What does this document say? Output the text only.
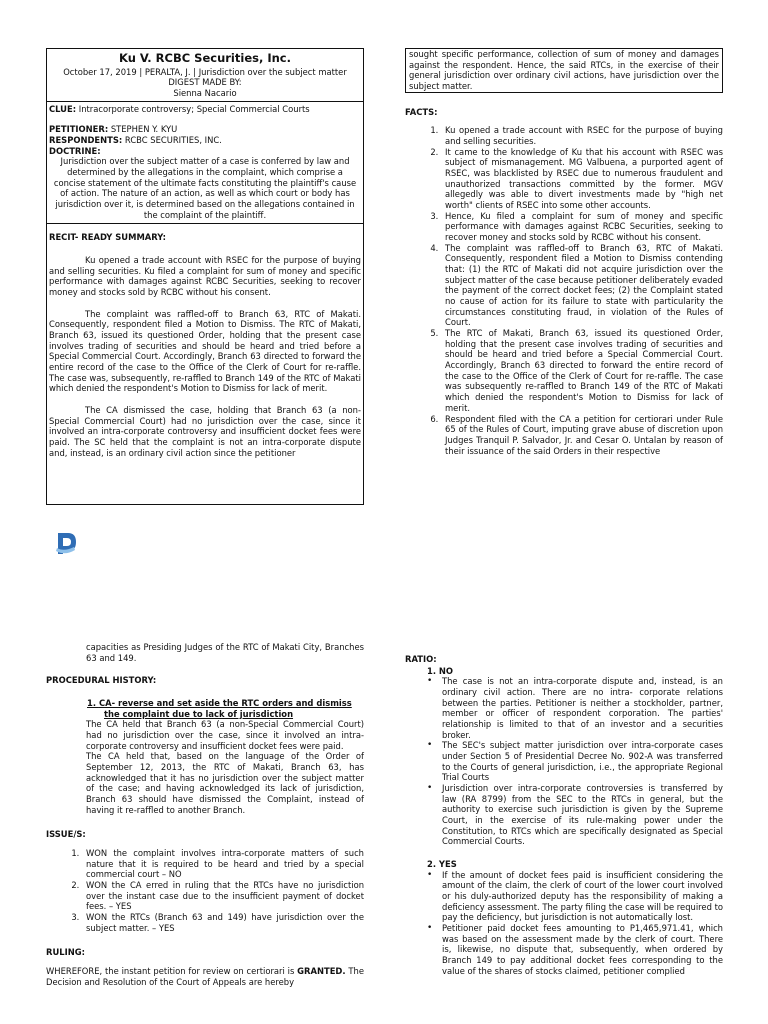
Ku V. RCBC Securities, Inc.
October 17, 2019 | PERALTA, J. | Jurisdiction over the subject matter
DIGEST MADE BY:
Sienna Nacario
CLUE: Intracorporate controversy; Special Commercial Courts
PETITIONER: STEPHEN Y. KYU
RESPONDENTS: RCBC SECURITIES, INC.
DOCTRINE:
Jurisdiction over the subject matter of a case is conferred by law and determined by the allegations in the complaint, which comprise a concise statement of the ultimate facts constituting the plaintiff's cause of action. The nature of an action, as well as which court or body has jurisdiction over it, is determined based on the allegations contained in the complaint of the plaintiff.
RECIT- READY SUMMARY:
Ku opened a trade account with RSEC for the purpose of buying and selling securities. Ku filed a complaint for sum of money and specific performance with damages against RCBC Securities, seeking to recover money and stocks sold by RCBC without his consent.
The complaint was raffled-off to Branch 63, RTC of Makati. Consequently, respondent filed a Motion to Dismiss. The RTC of Makati, Branch 63, issued its questioned Order, holding that the present case involves trading of securities and should be heard and tried before a Special Commercial Court. Accordingly, Branch 63 directed to forward the entire record of the case to the Office of the Clerk of Court for re-raffle. The case was, subsequently, re-raffled to Branch 149 of the RTC of Makati which denied the respondent's Motion to Dismiss for lack of merit.
The CA dismissed the case, holding that Branch 63 (a non-Special Commercial Court) had no jurisdiction over the case, since it involved an intra-corporate controversy and insufficient docket fees were paid. The SC held that the complaint is not an intra-corporate dispute and, instead, is an ordinary civil action since the petitioner
sought specific performance, collection of sum of money and damages against the respondent. Hence, the said RTCs, in the exercise of their general jurisdiction over ordinary civil actions, have jurisdiction over the subject matter.
FACTS:
1. Ku opened a trade account with RSEC for the purpose of buying and selling securities.
2. It came to the knowledge of Ku that his account with RSEC was subject of mismanagement. MG Valbuena, a purported agent of RSEC, was blacklisted by RSEC due to numerous fraudulent and unauthorized transactions committed by the former. MGV allegedly was able to divert investments made by "high net worth" clients of RSEC into some other accounts.
3. Hence, Ku filed a complaint for sum of money and specific performance with damages against RCBC Securities, seeking to recover money and stocks sold by RCBC without his consent.
4. The complaint was raffled-off to Branch 63, RTC of Makati. Consequently, respondent filed a Motion to Dismiss contending that: (1) the RTC of Makati did not acquire jurisdiction over the subject matter of the case because petitioner deliberately evaded the payment of the correct docket fees; (2) the Complaint stated no cause of action for its failure to state with particularity the circumstances constituting fraud, in violation of the Rules of Court.
5. The RTC of Makati, Branch 63, issued its questioned Order, holding that the present case involves trading of securities and should be heard and tried before a Special Commercial Court. Accordingly, Branch 63 directed to forward the entire record of the case to the Office of the Clerk of Court for re-raffle. The case was subsequently re-raffled to Branch 149 of the RTC of Makati which denied the respondent's Motion to Dismiss for lack of merit.
6. Respondent filed with the CA a petition for certiorari under Rule 65 of the Rules of Court, imputing grave abuse of discretion upon Judges Tranquil P. Salvador, Jr. and Cesar O. Untalan by reason of their issuance of the said Orders in their respective
capacities as Presiding Judges of the RTC of Makati City, Branches 63 and 149.
PROCEDURAL HISTORY:
1. CA- reverse and set aside the RTC orders and dismiss the complaint due to lack of jurisdiction
The CA held that Branch 63 (a non-Special Commercial Court) had no jurisdiction over the case, since it involved an intra-corporate controversy and insufficient docket fees were paid.
The CA held that, based on the language of the Order of September 12, 2013, the RTC of Makati, Branch 63, has acknowledged that it has no jurisdiction over the subject matter of the case; and having acknowledged its lack of jurisdiction, Branch 63 should have dismissed the Complaint, instead of having it re-raffled to another Branch.
ISSUE/S:
1. WON the complaint involves intra-corporate matters of such nature that it is required to be heard and tried by a special commercial court – NO
2. WON the CA erred in ruling that the RTCs have no jurisdiction over the instant case due to the insufficient payment of docket fees. – YES
3. WON the RTCs (Branch 63 and 149) have jurisdiction over the subject matter. – YES
RULING:
WHEREFORE, the instant petition for review on certiorari is GRANTED. The Decision and Resolution of the Court of Appeals are hereby
RATIO:
1. NO
• The case is not an intra-corporate dispute and, instead, is an ordinary civil action. There are no intra- corporate relations between the parties. Petitioner is neither a stockholder, partner, member or officer of respondent corporation. The parties' relationship is limited to that of an investor and a securities broker.
• The SEC's subject matter jurisdiction over intra-corporate cases under Section 5 of Presidential Decree No. 902-A was transferred to the Courts of general jurisdiction, i.e., the appropriate Regional Trial Courts
• Jurisdiction over intra-corporate controversies is transferred by law (RA 8799) from the SEC to the RTCs in general, but the authority to exercise such jurisdiction is given by the Supreme Court, in the exercise of its rule-making power under the Constitution, to RTCs which are specifically designated as Special Commercial Courts.
2. YES
• If the amount of docket fees paid is insufficient considering the amount of the claim, the clerk of court of the lower court involved or his duly-authorized deputy has the responsibility of making a deficiency assessment. The party filing the case will be required to pay the deficiency, but jurisdiction is not automatically lost.
• Petitioner paid docket fees amounting to P1,465,971.41, which was based on the assessment made by the clerk of court. There is, likewise, no dispute that, subsequently, when ordered by Branch 149 to pay additional docket fees corresponding to the value of the shares of stocks claimed, petitioner complied
